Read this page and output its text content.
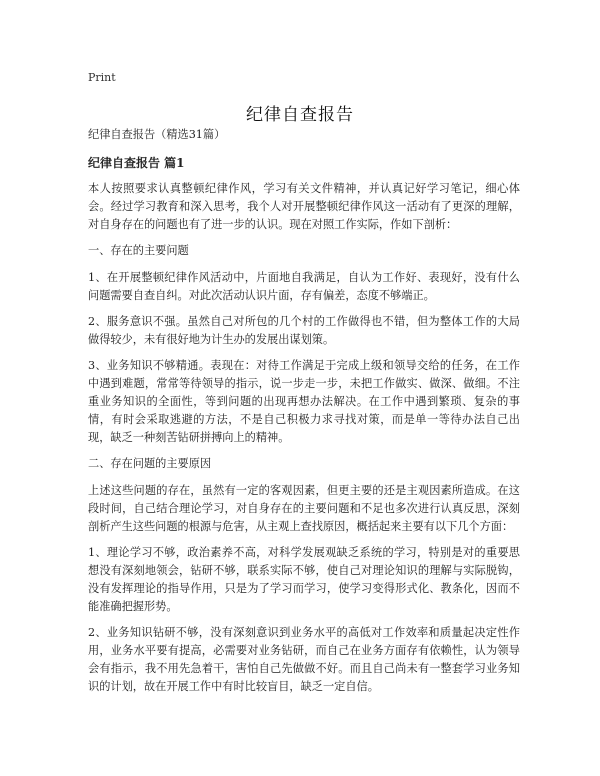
Print
纪律自查报告

纪律自查报告（精选31篇）

纪律自查报告 篇1

本人按照要求认真整顿纪律作风，学习有关文件精神，并认真记好学习笔记，细心体会。经过学习教育和深入思考，我个人对开展整顿纪律作风这一活动有了更深的理解，对自身存在的问题也有了进一步的认识。现在对照工作实际，作如下剖析：

一、存在的主要问题

1、在开展整顿纪律作风活动中，片面地自我满足，自认为工作好、表现好，没有什么问题需要自查自纠。对此次活动认识片面，存有偏差，态度不够端正。

2、服务意识不强。虽然自己对所包的几个村的工作做得也不错，但为整体工作的大局做得较少，未有很好地为计生办的发展出谋划策。

3、业务知识不够精通。表现在：对待工作满足于完成上级和领导交给的任务，在工作中遇到难题，常常等待领导的指示，说一步走一步，未把工作做实、做深、做细。不注重业务知识的全面性，等到问题的出现再想办法解决。在工作中遇到繁琐、复杂的事情，有时会采取逃避的方法，不是自己积极力求寻找对策，而是单一等待办法自己出现，缺乏一种刻苦钻研拼搏向上的精神。

二、存在问题的主要原因

上述这些问题的存在，虽然有一定的客观因素，但更主要的还是主观因素所造成。在这段时间，自己结合理论学习，对自身存在的主要问题和不足也多次进行认真反思，深刻剖析产生这些问题的根源与危害，从主观上查找原因，概括起来主要有以下几个方面：

1、理论学习不够，政治素养不高，对科学发展观缺乏系统的学习，特别是对的重要思想没有深刻地领会，钻研不够，联系实际不够，使自己对理论知识的理解与实际脱钩，没有发挥理论的指导作用，只是为了学习而学习，使学习变得形式化、教条化，因而不能准确把握形势。

2、业务知识钻研不够，没有深刻意识到业务水平的高低对工作效率和质量起决定性作用，业务水平要有提高，必需要对业务钻研，而自己在业务方面存有依赖性，认为领导会有指示，我不用先急着干，害怕自己先做做不好。而且自己尚未有一整套学习业务知识的计划，故在开展工作中有时比较盲目，缺乏一定自信。
